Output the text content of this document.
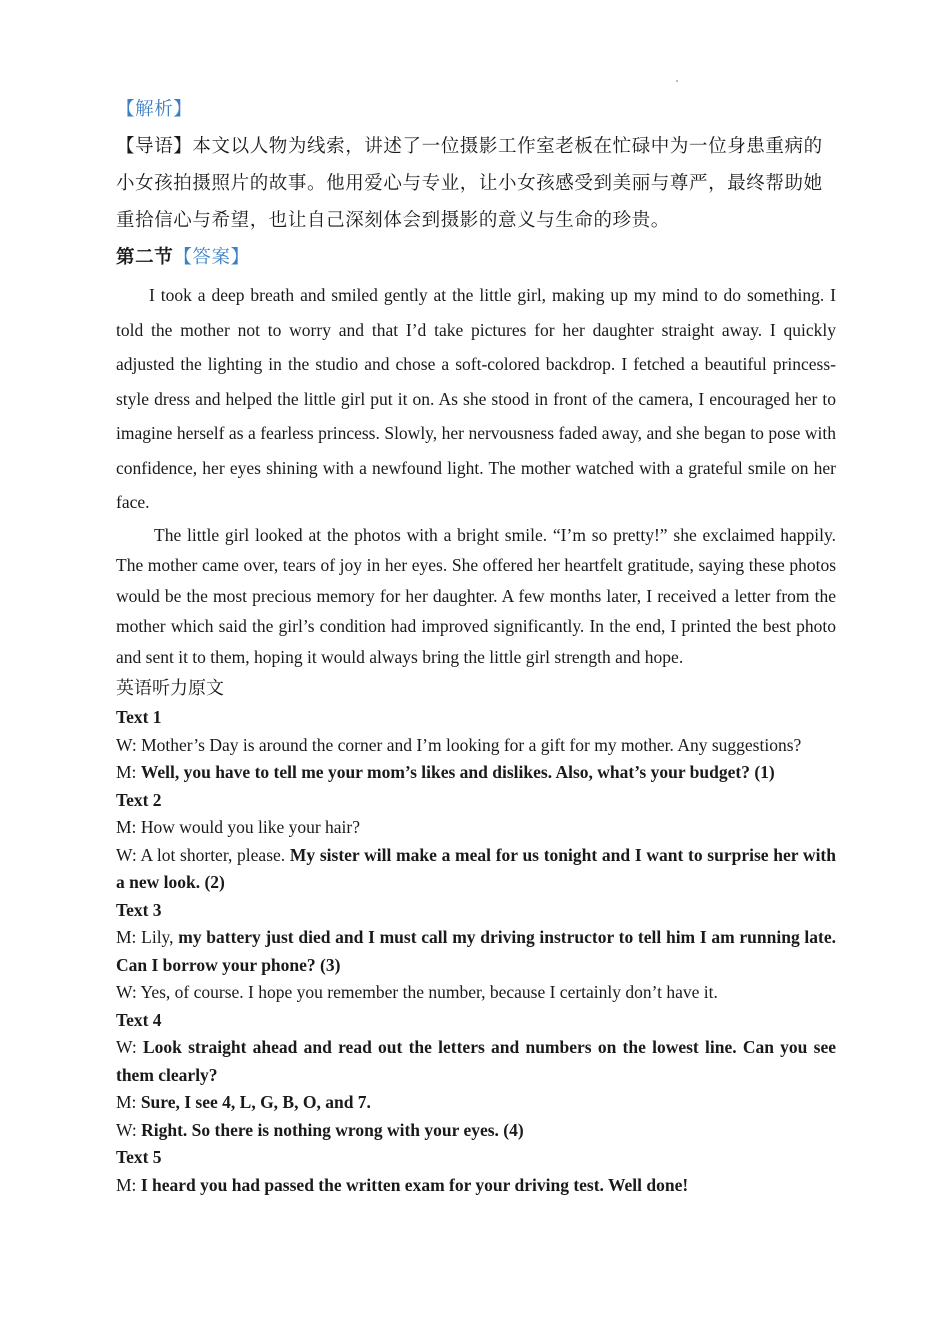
【解析】

【导语】本文以人物为线索，讲述了一位摄影工作室老板在忙碌中为一位身患重病的小女孩拍摄照片的故事。他用爱心与专业，让小女孩感受到美丽与尊严，最终帮助她重拾信心与希望，也让自己深刻体会到摄影的意义与生命的珍贵。

第二节【答案】

I took a deep breath and smiled gently at the little girl, making up my mind to do something. I told the mother not to worry and that I’d take pictures for her daughter straight away. I quickly adjusted the lighting in the studio and chose a soft-colored backdrop. I fetched a beautiful princess-style dress and helped the little girl put it on. As she stood in front of the camera, I encouraged her to imagine herself as a fearless princess. Slowly, her nervousness faded away, and she began to pose with confidence, her eyes shining with a newfound light. The mother watched with a grateful smile on her face.

The little girl looked at the photos with a bright smile. “I’m so pretty!” she exclaimed happily. The mother came over, tears of joy in her eyes. She offered her heartfelt gratitude, saying these photos would be the most precious memory for her daughter. A few months later, I received a letter from the mother which said the girl’s condition had improved significantly. In the end, I printed the best photo and sent it to them, hoping it would always bring the little girl strength and hope.

英语听力原文

Text 1

W: Mother’s Day is around the corner and I’m looking for a gift for my mother. Any suggestions?

M: Well, you have to tell me your mom’s likes and dislikes. Also, what’s your budget? (1)

Text 2

M: How would you like your hair?

W: A lot shorter, please. My sister will make a meal for us tonight and I want to surprise her with a new look. (2)

Text 3

M: Lily, my battery just died and I must call my driving instructor to tell him I am running late. Can I borrow your phone? (3)

W: Yes, of course. I hope you remember the number, because I certainly don’t have it.

Text 4

W: Look straight ahead and read out the letters and numbers on the lowest line. Can you see them clearly?

M: Sure, I see 4, L, G, B, O, and 7.

W: Right. So there is nothing wrong with your eyes. (4)

Text 5

M: I heard you had passed the written exam for your driving test. Well done!
